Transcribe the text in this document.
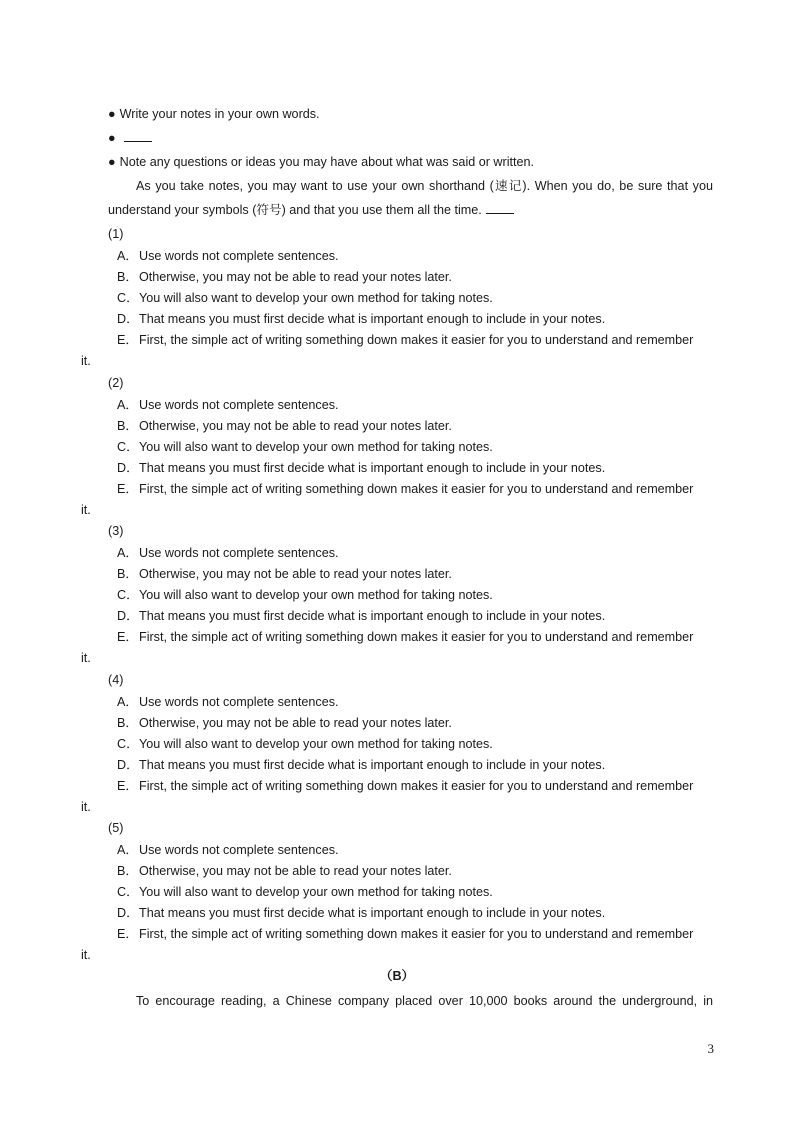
● Write your notes in your own words.
●
● Note any questions or ideas you may have about what was said or written.
As you take notes, you may want to use your own shorthand (速记). When you do, be sure that you
understand your symbols (符号) and that you use them all the time.
(1)
A．Use words not complete sentences.
B．Otherwise, you may not be able to read your notes later.
C．You will also want to develop your own method for taking notes.
D．That means you must first decide what is important enough to include in your notes.
E．First, the simple act of writing something down makes it easier for you to understand and remember
it.
(2)
A．Use words not complete sentences.
B．Otherwise, you may not be able to read your notes later.
C．You will also want to develop your own method for taking notes.
D．That means you must first decide what is important enough to include in your notes.
E．First, the simple act of writing something down makes it easier for you to understand and remember
it.
(3)
A．Use words not complete sentences.
B．Otherwise, you may not be able to read your notes later.
C．You will also want to develop your own method for taking notes.
D．That means you must first decide what is important enough to include in your notes.
E．First, the simple act of writing something down makes it easier for you to understand and remember
it.
(4)
A．Use words not complete sentences.
B．Otherwise, you may not be able to read your notes later.
C．You will also want to develop your own method for taking notes.
D．That means you must first decide what is important enough to include in your notes.
E．First, the simple act of writing something down makes it easier for you to understand and remember
it.
(5)
A．Use words not complete sentences.
B．Otherwise, you may not be able to read your notes later.
C．You will also want to develop your own method for taking notes.
D．That means you must first decide what is important enough to include in your notes.
E．First, the simple act of writing something down makes it easier for you to understand and remember
it.
（B）
To encourage reading, a Chinese company placed over 10,000 books around the underground, in
3
